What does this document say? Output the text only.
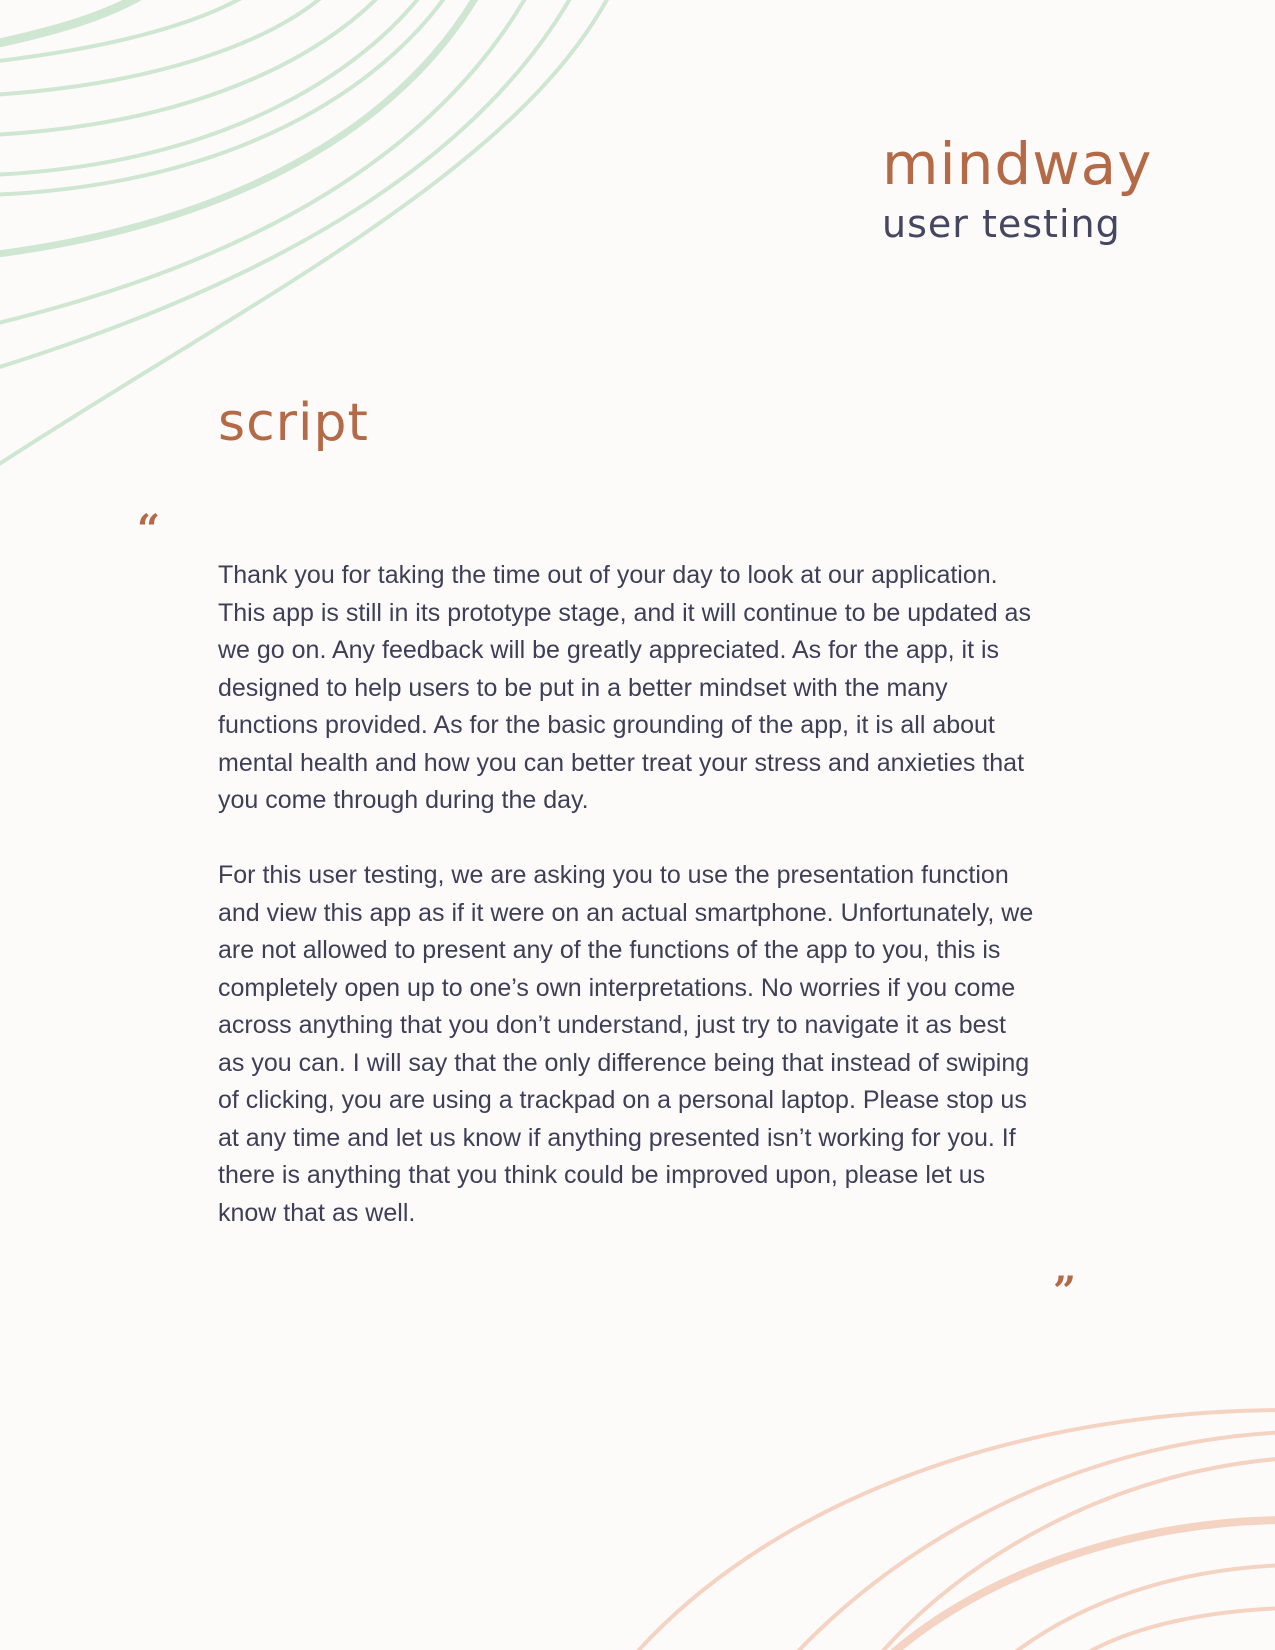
mindway
user testing
script
“

Thank you for taking the time out of your day to look at our application. This app is still in its prototype stage, and it will continue to be updated as we go on. Any feedback will be greatly appreciated. As for the app, it is designed to help users to be put in a better mindset with the many functions provided. As for the basic grounding of the app, it is all about mental health and how you can better treat your stress and anxieties that you come through during the day.

For this user testing, we are asking you to use the presentation function and view this app as if it were on an actual smartphone. Unfortunately, we are not allowed to present any of the functions of the app to you, this is completely open up to one’s own interpretations. No worries if you come across anything that you don’t understand, just try to navigate it as best as you can. I will say that the only difference being that instead of swiping of clicking, you are using a trackpad on a personal laptop. Please stop us at any time and let us know if anything presented isn’t working for you. If there is anything that you think could be improved upon, please let us know that as well.

”
